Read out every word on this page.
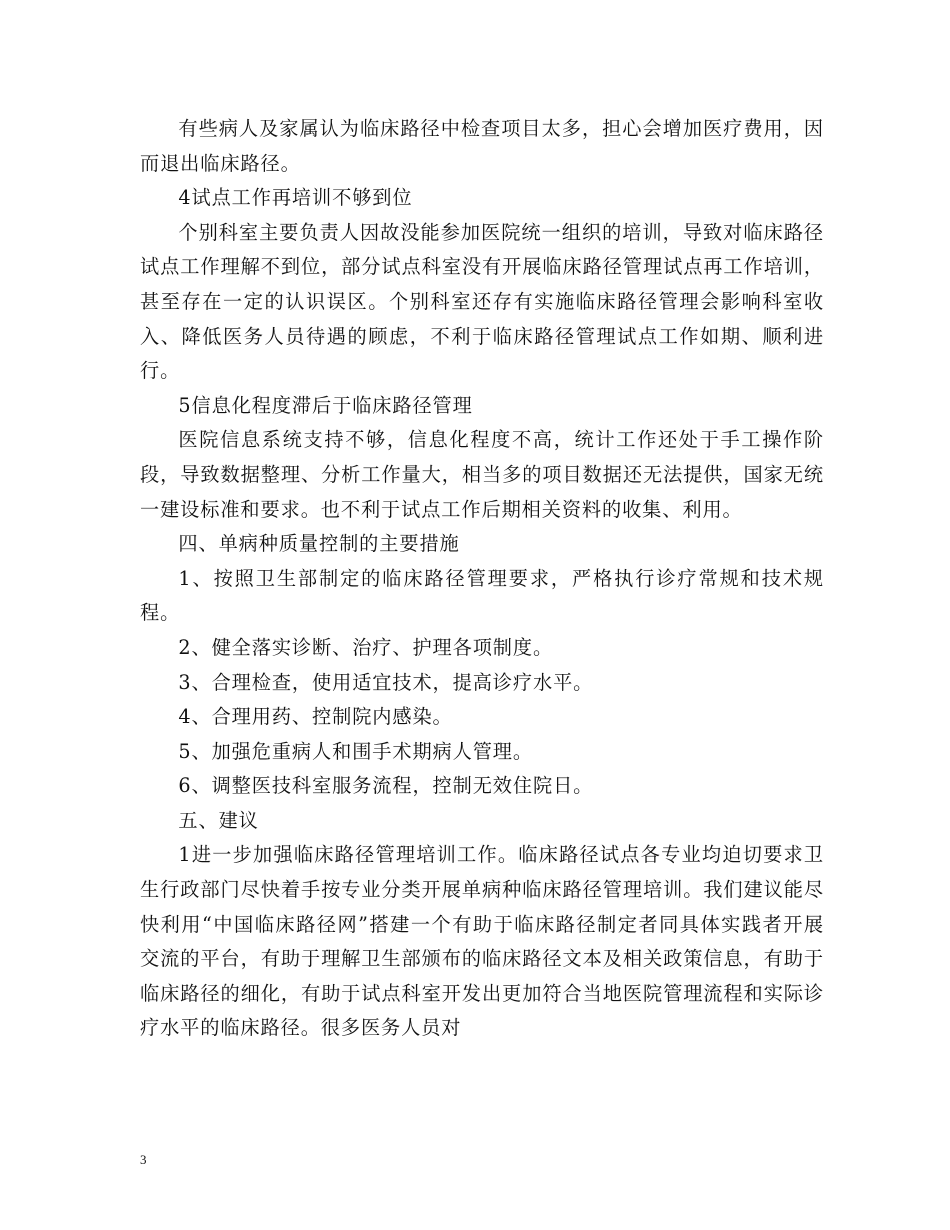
有些病人及家属认为临床路径中检查项目太多，担心会增加医疗费用，因而退出临床路径。

4试点工作再培训不够到位

个别科室主要负责人因故没能参加医院统一组织的培训，导致对临床路径试点工作理解不到位，部分试点科室没有开展临床路径管理试点再工作培训，甚至存在一定的认识误区。个别科室还存有实施临床路径管理会影响科室收入、降低医务人员待遇的顾虑，不利于临床路径管理试点工作如期、顺利进行。

5信息化程度滞后于临床路径管理

医院信息系统支持不够，信息化程度不高，统计工作还处于手工操作阶段，导致数据整理、分析工作量大，相当多的项目数据还无法提供，国家无统一建设标准和要求。也不利于试点工作后期相关资料的收集、利用。

四、单病种质量控制的主要措施

1、按照卫生部制定的临床路径管理要求，严格执行诊疗常规和技术规程。

2、健全落实诊断、治疗、护理各项制度。

3、合理检查，使用适宜技术，提高诊疗水平。

4、合理用药、控制院内感染。

5、加强危重病人和围手术期病人管理。

6、调整医技科室服务流程，控制无效住院日。

五、建议

1进一步加强临床路径管理培训工作。临床路径试点各专业均迫切要求卫生行政部门尽快着手按专业分类开展单病种临床路径管理培训。我们建议能尽快利用“中国临床路径网”搭建一个有助于临床路径制定者同具体实践者开展交流的平台，有助于理解卫生部颁布的临床路径文本及相关政策信息，有助于临床路径的细化，有助于试点科室开发出更加符合当地医院管理流程和实际诊疗水平的临床路径。很多医务人员对

3
